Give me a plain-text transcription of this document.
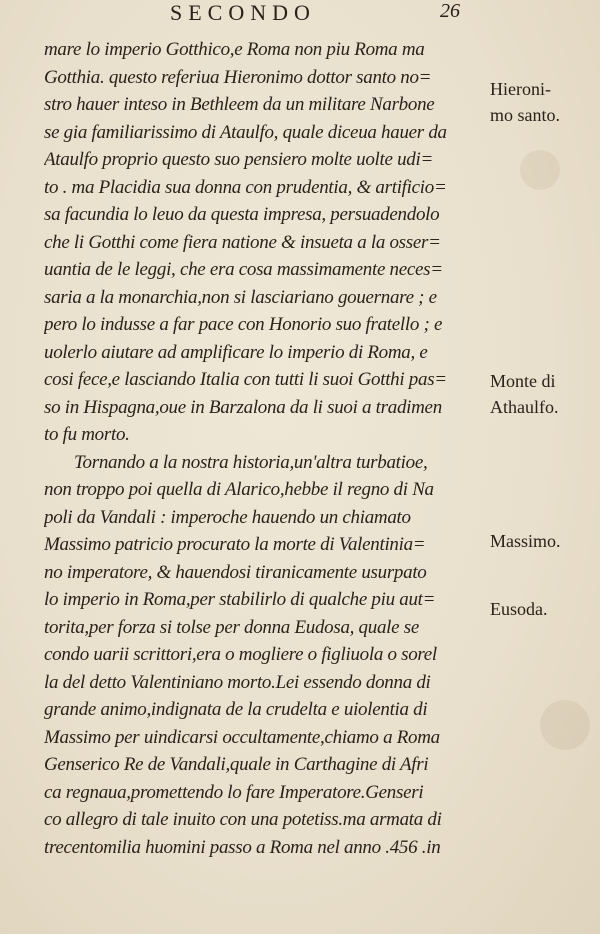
SECONDO	26
mare lo imperio Gotthico,e Roma non piu Roma ma
Gotthia. questo referiua Hieronimo dottor santo no=
stro hauer inteso in Bethleem da un militare Narbone
se gia familiarissimo di Ataulfo, quale diceua hauer da
Ataulfo proprio questo suo pensiero molte uolte udi=
to . ma Placidia sua donna con prudentia, & artificio=
sa facundia lo leuo da questa impresa, persuadendolo
che li Gotthi come fiera natione & insueta a la osser=
uantia de le leggi, che era cosa massimamente neces=
saria a la monarchia,non si lasciariano gouernare ; e
pero lo indusse a far pace con Honorio suo fratello ; e
uolerlo aiutare ad amplificare lo imperio di Roma, e
cosi fece,e lasciando Italia con tutti li suoi Gotthi pas=
so in Hispagna,oue in Barzalona da li suoi a tradimen
to fu morto.
Tornando a la nostra historia,un'altra turbatioe,
non troppo poi quella di Alarico,hebbe il regno di Na
poli da Vandali : imperoche hauendo un chiamato
Massimo patricio procurato la morte di Valentinia=
no imperatore, & hauendosi tiranicamente usurpato
lo imperio in Roma,per stabilirlo di qualche piu aut=
torita,per forza si tolse per donna Eudosa, quale se
condo uarii scrittori,era o mogliere o figliuola o sorel
la del detto Valentiniano morto.Lei essendo donna di
grande animo,indignata de la crudelta e uiolentia di
Massimo per uindicarsi occultamente,chiamo a Roma
Genserico Re de Vandali,quale in Carthagine di Afri
ca regnaua,promettendo lo fare Imperatore.Genseri
co allegro di tale inuito con una potetiss.ma armata di
trecentomilia huomini passo a Roma nel anno .456 .in
Hieroni-
mo santo.
Monte di
Athaulfo.
Massimo.
Eusoda.
